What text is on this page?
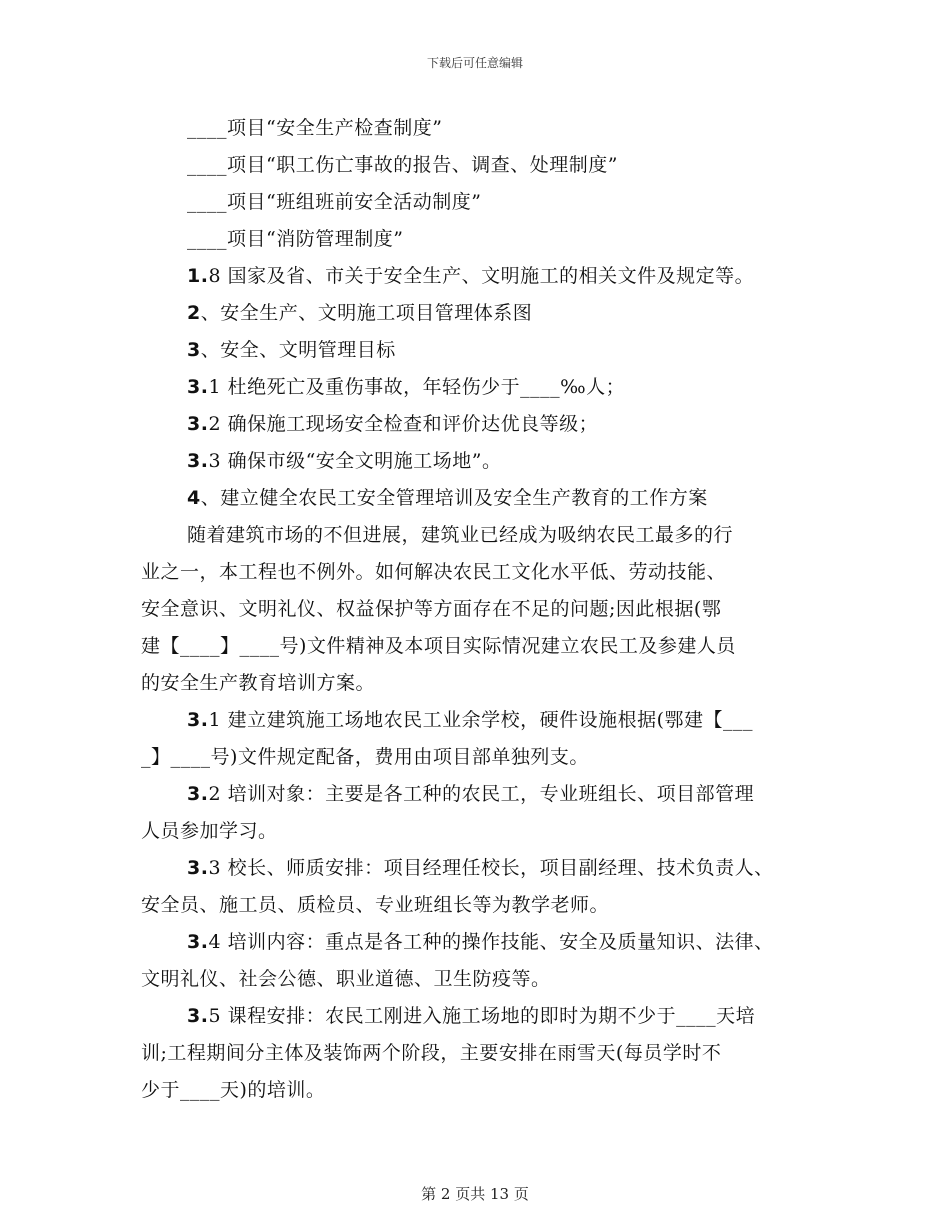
下载后可任意编辑
____项目“安全生产检查制度”
____项目“职工伤亡事故的报告、调查、处理制度”
____项目“班组班前安全活动制度”
____项目“消防管理制度”
1.8 国家及省、市关于安全生产、文明施工的相关文件及规定等。
2、安全生产、文明施工项目管理体系图
3、安全、文明管理目标
3.1 杜绝死亡及重伤事故，年轻伤少于____‰人；
3.2 确保施工现场安全检查和评价达优良等级；
3.3 确保市级“安全文明施工场地”。
4、建立健全农民工安全管理培训及安全生产教育的工作方案
随着建筑市场的不但进展，建筑业已经成为吸纳农民工最多的行
业之一，本工程也不例外。如何解决农民工文化水平低、劳动技能、
安全意识、文明礼仪、权益保护等方面存在不足的问题;因此根据(鄂
建【____】____号)文件精神及本项目实际情况建立农民工及参建人员
的安全生产教育培训方案。
3.1 建立建筑施工场地农民工业余学校，硬件设施根据(鄂建【___
_】____号)文件规定配备，费用由项目部单独列支。
3.2 培训对象：主要是各工种的农民工，专业班组长、项目部管理
人员参加学习。
3.3 校长、师质安排：项目经理任校长，项目副经理、技术负责人、
安全员、施工员、质检员、专业班组长等为教学老师。
3.4 培训内容：重点是各工种的操作技能、安全及质量知识、法律、
文明礼仪、社会公德、职业道德、卫生防疫等。
3.5 课程安排：农民工刚进入施工场地的即时为期不少于____天培
训;工程期间分主体及装饰两个阶段，主要安排在雨雪天(每员学时不
少于____天)的培训。
第 2 页共 13 页
